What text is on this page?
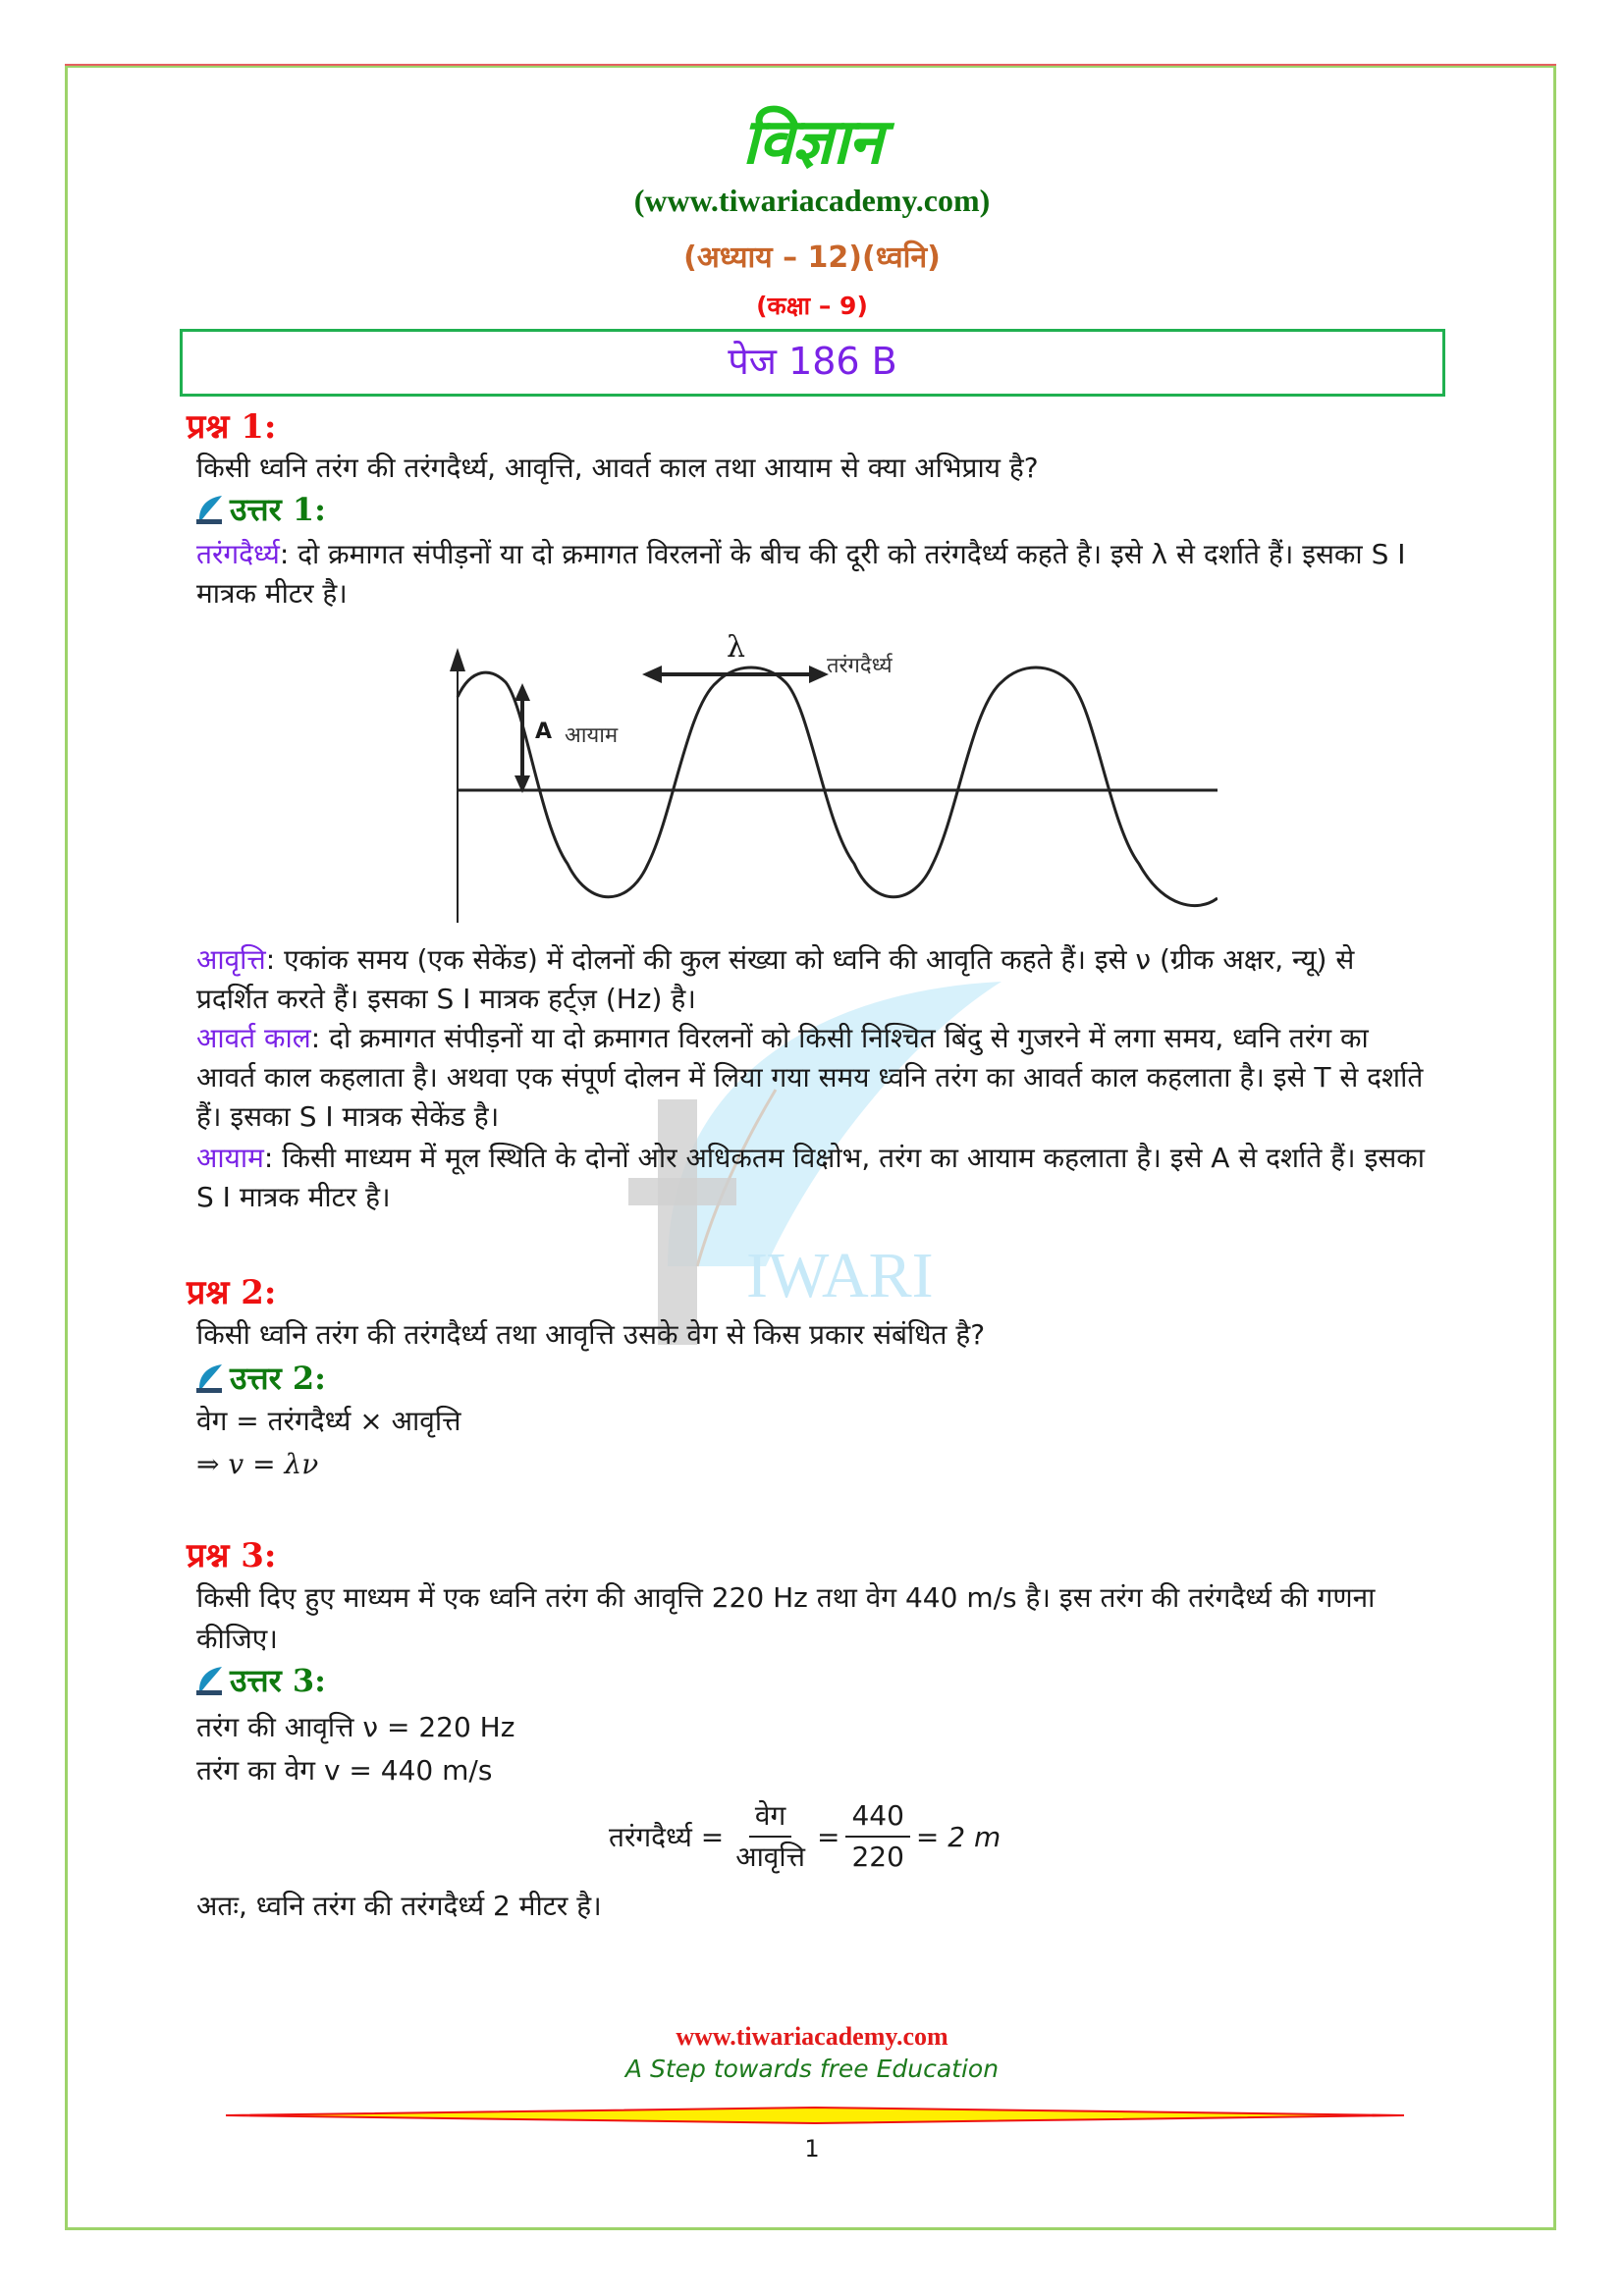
IWARI
विज्ञान
(www.tiwariacademy.com)
(अध्याय – 12)(ध्वनि)
(कक्षा – 9)
पेज 186 B
प्रश्न 1:
किसी ध्वनि तरंग की तरंगदैर्ध्य, आवृत्ति, आवर्त काल तथा आयाम से क्या अभिप्राय है?
उत्तर 1:
तरंगदैर्ध्य: दो क्रमागत संपीड़नों या दो क्रमागत विरलनों के बीच की दूरी को तरंगदैर्ध्य कहते है। इसे λ से दर्शाते हैं। इसका S I मात्रक मीटर है।
λ
तरंगदैर्ध्य
A आयाम
आवृत्ति: एकांक समय (एक सेकेंड) में दोलनों की कुल संख्या को ध्वनि की आवृति कहते हैं। इसे ν (ग्रीक अक्षर, न्यू) से प्रदर्शित करते हैं। इसका S I मात्रक हर्ट्ज़ (Hz) है।
आवर्त काल: दो क्रमागत संपीड़नों या दो क्रमागत विरलनों को किसी निश्चित बिंदु से गुजरने में लगा समय, ध्वनि तरंग का आवर्त काल कहलाता है। अथवा एक संपूर्ण दोलन में लिया गया समय ध्वनि तरंग का आवर्त काल कहलाता है। इसे T से दर्शाते हैं। इसका S I मात्रक सेकेंड है।
आयाम: किसी माध्यम में मूल स्थिति के दोनों ओर अधिकतम विक्षोभ, तरंग का आयाम कहलाता है। इसे A से दर्शाते हैं। इसका S I मात्रक मीटर है।
प्रश्न 2:
किसी ध्वनि तरंग की तरंगदैर्ध्य तथा आवृत्ति उसके वेग से किस प्रकार संबंधित है?
उत्तर 2:
वेग = तरंगदैर्ध्य × आवृत्ति
⇒ v = λν
प्रश्न 3:
किसी दिए हुए माध्यम में एक ध्वनि तरंग की आवृत्ति 220 Hz तथा वेग 440 m/s है। इस तरंग की तरंगदैर्ध्य की गणना कीजिए।
उत्तर 3:
तरंग की आवृत्ति ν = 220 Hz
तरंग का वेग v = 440 m/s
तरंगदैर्ध्य = $\frac{\text{वेग}}{\text{आवृत्ति}} = \frac{440}{220} = 2$ m
अतः, ध्वनि तरंग की तरंगदैर्ध्य 2 मीटर है।
www.tiwariacademy.com
A Step towards free Education
1
